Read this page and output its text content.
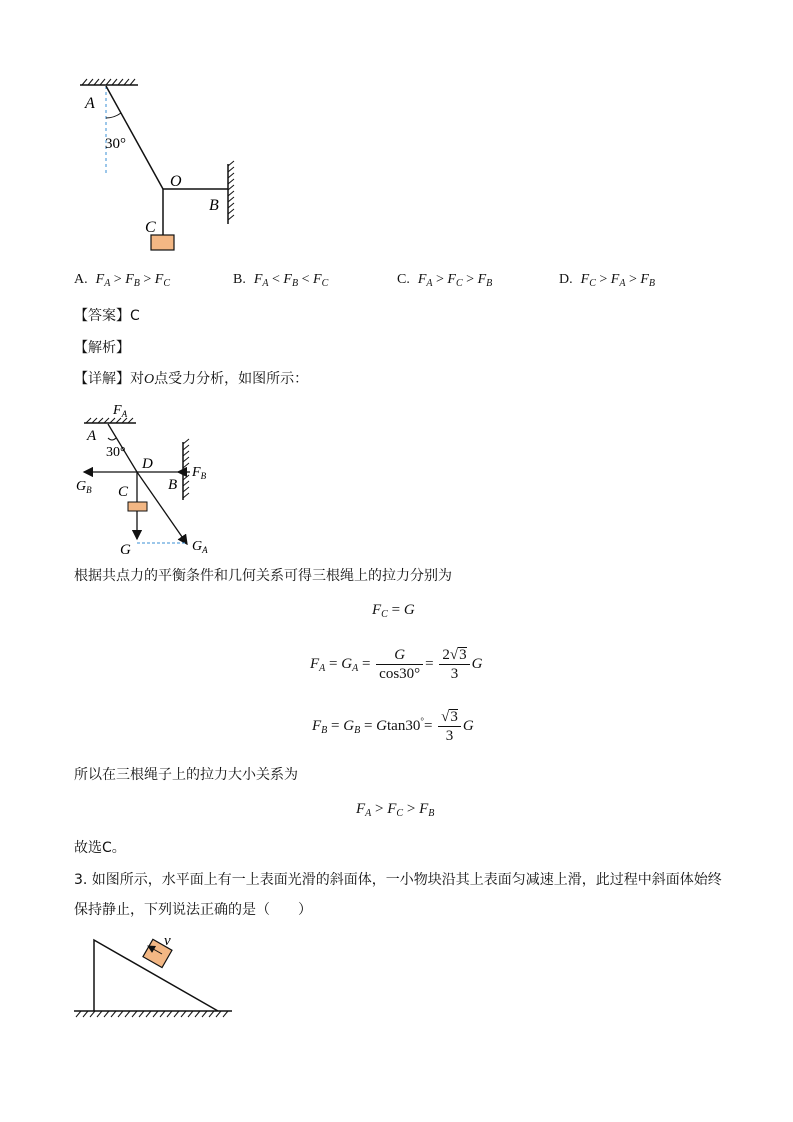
A
30°
O
B
C
A. $F_A > F_B > F_C$	B. $F_A < F_B < F_C$	C. $F_A > F_C > F_B$	D. $F_C > F_A > F_B$
【答案】C
【解析】
【详解】对O点受力分析，如图所示：
$F_A$
A
30°
D
$F_B$
$G_B$ C	B
G	$G_A$
根据共点力的平衡条件和几何关系可得三根绳上的拉力分别为
$F_C = G$
$F_A = G_A = \frac{G}{\cos 30^\circ} = \frac{2√3}{3}$ G
$F_B = G_B = Gtan30^\circ= \frac{√3}{3}$ G
所以在三根绳子上的拉力大小关系为
$F_A > F_C > F_B$
故选C。
3. 如图所示，水平面上有一上表面光滑的斜面体，一小物块沿其上表面匀减速上滑，此过程中斜面体始终
保持静止，下列说法正确的是（　　）
v
